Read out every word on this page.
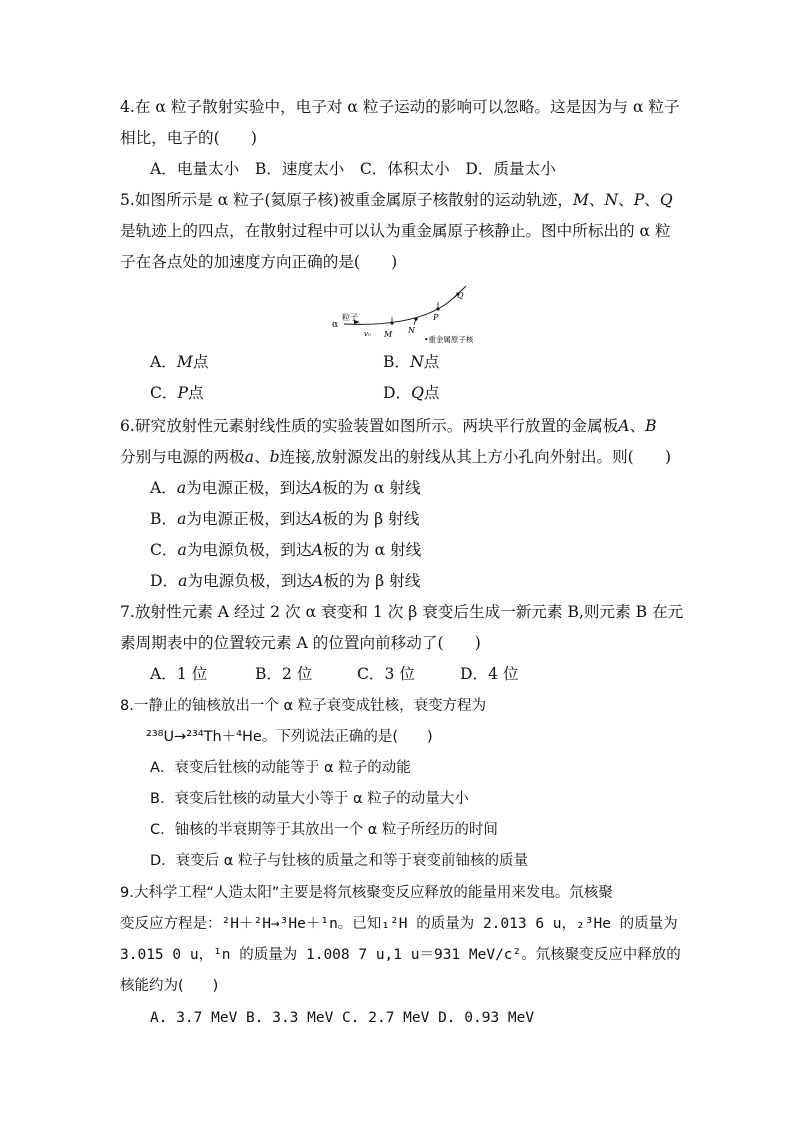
4.在 α 粒子散射实验中，电子对 α 粒子运动的影响可以忽略。这是因为与 α 粒子
相比，电子的(　　)
A．电量太小　B．速度太小　C．体积太小　D．质量太小
5.如图所示是 α 粒子(氦原子核)被重金属原子核散射的运动轨迹，M、N、P、Q
是轨迹上的四点，在散射过程中可以认为重金属原子核静止。图中所标出的 α 粒
子在各点处的加速度方向正确的是(　　)
α
粒子
v₀ M N
P
Q
•重金属原子核
A．M点	B．N点
C．P点	D．Q点
6.研究放射性元素射线性质的实验装置如图所示。两块平行放置的金属板A、B
分别与电源的两极a、b连接,放射源发出的射线从其上方小孔向外射出。则(　　)
A．a为电源正极，到达A板的为 α 射线
B．a为电源正极，到达A板的为 β 射线
C．a为电源负极，到达A板的为 α 射线
D．a为电源负极，到达A板的为 β 射线
7.放射性元素 A 经过 2 次 α 衰变和 1 次 β 衰变后生成一新元素 B,则元素 B 在元
素周期表中的位置较元素 A 的位置向前移动了(　　)
A．1 位	B．2 位	C．3 位	D．4 位
8.一静止的铀核放出一个 α 粒子衰变成钍核，衰变方程为
²³⁸U→²³⁴Th＋⁴He。下列说法正确的是(　　)
A．衰变后钍核的动能等于 α 粒子的动能
B．衰变后钍核的动量大小等于 α 粒子的动量大小
C．铀核的半衰期等于其放出一个 α 粒子所经历的时间
D．衰变后 α 粒子与钍核的质量之和等于衰变前铀核的质量
9.大科学工程“人造太阳”主要是将氘核聚变反应释放的能量用来发电。氘核聚
变反应方程是：²H＋²H→³He＋¹n。已知₁²H 的质量为 2.013 6 u，₂³He 的质量为
3.015 0 u，¹n 的质量为 1.008 7 u,1 u＝931 MeV/c²。氘核聚变反应中释放的
核能约为(　　)
A. 3.7 MeV B. 3.3 MeV C. 2.7 MeV D. 0.93 MeV
